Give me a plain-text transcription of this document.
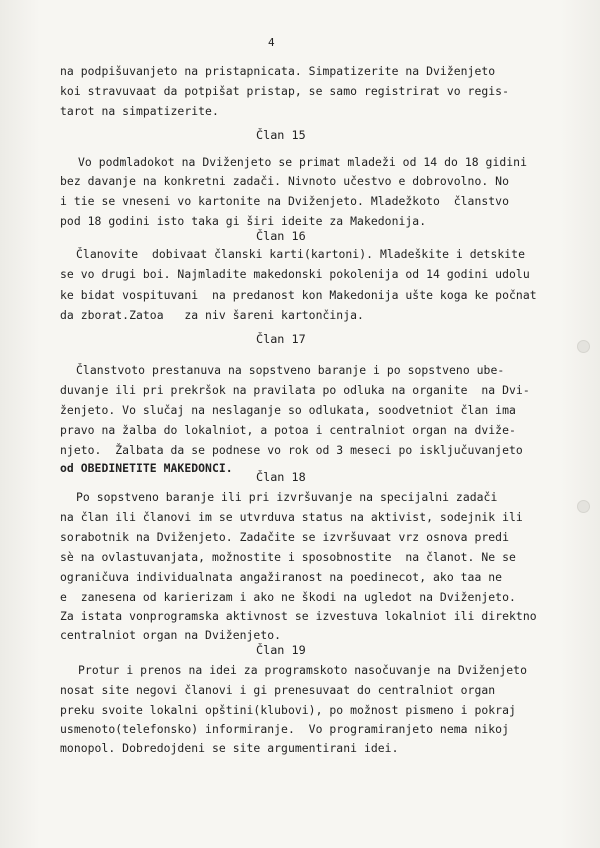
4
na podpišuvanjeto na pristapnicata. Simpatizerite na Dviženjeto
koi stravuvaat da potpišat pristap, se samo registrirat vo regis-
tarot na simpatizerite.
Član 15
Vo podmladokot na Dviženjeto se primat mladeži od 14 do 18 gidini
bez davanje na konkretni zadači. Nivnoto učestvo e dobrovolno. No
i tie se vneseni vo kartonite na Dviženjeto. Mladežkoto  članstvo
pod 18 godini isto taka gi širi ideite za Makedonija.
Član 16
Članovite  dobivaat članski karti(kartoni). Mladeškite i detskite
se vo drugi boi. Najmladite makedonski pokolenija od 14 godini udolu
ke bidat vospituvani  na predanost kon Makedonija ušte koga ke počnat
da zborat.Zatoa   za niv šareni kartončinja.
Član 17
Članstvoto prestanuva na sopstveno baranje i po sopstveno ube-
duvanje ili pri prekršok na pravilata po odluka na organite  na Dvi-
ženjeto. Vo slučaj na neslaganje so odlukata, soodvetniot član ima
pravo na žalba do lokalniot, a potoa i centralniot organ na dviže-
njeto.  Žalbata da se podnese vo rok od 3 meseci po isključuvanjeto
od OBEDINETITE MAKEDONCI.
Član 18
Po sopstveno baranje ili pri izvršuvanje na specijalni zadači
na član ili članovi im se utvrduva status na aktivist, sodejnik ili
sorabotnik na Dviženjeto. Zadačite se izvršuvaat vrz osnova predi
sè na ovlastuvanjata, možnostite i sposobnostite  na članot. Ne se
ograničuva individualnata angažiranost na poedinecot, ako taa ne
e  zanesena od karierizam i ako ne škodi na ugledot na Dviženjeto.
Za istata vonprogramska aktivnost se izvestuva lokalniot ili direktno
centralniot organ na Dviženjeto.
Član 19
Protur i prenos na idei za programskoto nasočuvanje na Dviženjeto
nosat site negovi članovi i gi prenesuvaat do centralniot organ
preku svoite lokalni opštini(klubovi), po možnost pismeno i pokraj
usmenoto(telefonsko) informiranje.  Vo programiranjeto nema nikoj
monopol. Dobredojdeni se site argumentirani idei.
